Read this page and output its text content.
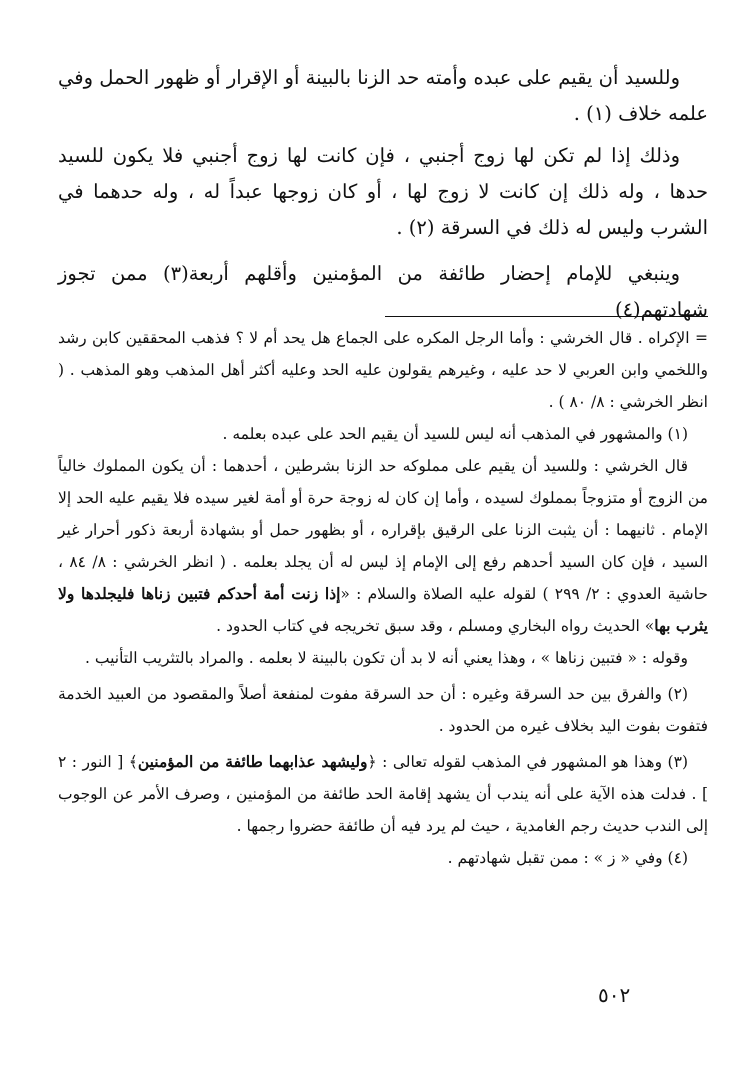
وللسيد أن يقيم على عبده وأمته حد الزنا بالبينة أو الإقرار أو ظهور الحمل وفي علمه خلاف (١) .

وذلك إذا لم تكن لها زوج أجنبي ، فإن كانت لها زوج أجنبي فلا يكون للسيد حدها ، وله ذلك إن كانت لا زوج لها ، أو كان زوجها عبداً له ، وله حدهما في الشرب وليس له ذلك في السرقة (٢) .

وينبغي للإمام إحضار طائفة من المؤمنين وأقلهم أربعة(٣) ممن تجوز شهادتهم(٤)

= الإكراه . قال الخرشي : وأما الرجل المكره على الجماع هل يحد أم لا ؟ فذهب المحققين كابن رشد واللخمي وابن العربي لا حد عليه ، وغيرهم يقولون عليه الحد وعليه أكثر أهل المذهب وهو المذهب . ( انظر الخرشي : ٨/ ٨٠ ) .

(١) والمشهور في المذهب أنه ليس للسيد أن يقيم الحد على عبده بعلمه .

قال الخرشي : وللسيد أن يقيم على مملوكه حد الزنا بشرطين ، أحدهما : أن يكون المملوك خالياً من الزوج أو متزوجاً بمملوك لسيده ، وأما إن كان له زوجة حرة أو أمة لغير سيده فلا يقيم عليه الحد إلا الإمام . ثانيهما : أن يثبت الزنا على الرقيق بإقراره ، أو بظهور حمل أو بشهادة أربعة ذكور أحرار غير السيد ، فإن كان السيد أحدهم رفع إلى الإمام إذ ليس له أن يجلد بعلمه . ( انظر الخرشي : ٨/ ٨٤ ، حاشية العدوي : ٢/ ٢٩٩ ) لقوله عليه الصلاة والسلام : «إذا زنت أمة أحدكم فتبين زناها فليجلدها ولا يثرب بها» الحديث رواه البخاري ومسلم ، وقد سبق تخريجه في كتاب الحدود .

وقوله : « فتبين زناها » ، وهذا يعني أنه لا بد أن تكون بالبينة لا بعلمه . والمراد بالتثريب التأنيب .

(٢) والفرق بين حد السرقة وغيره : أن حد السرقة مفوت لمنفعة أصلاً والمقصود من العبيد الخدمة فتفوت بفوت اليد بخلاف غيره من الحدود .

(٣) وهذا هو المشهور في المذهب لقوله تعالى : ﴿وليشهد عذابهما طائفة من المؤمنين﴾ [ النور : ٢ ] . فدلت هذه الآية على أنه يندب أن يشهد إقامة الحد طائفة من المؤمنين ، وصرف الأمر عن الوجوب إلى الندب حديث رجم الغامدية ، حيث لم يرد فيه أن طائفة حضروا رجمها .

(٤) وفي « ز » : ممن تقبل شهادتهم .

٥٠٢
